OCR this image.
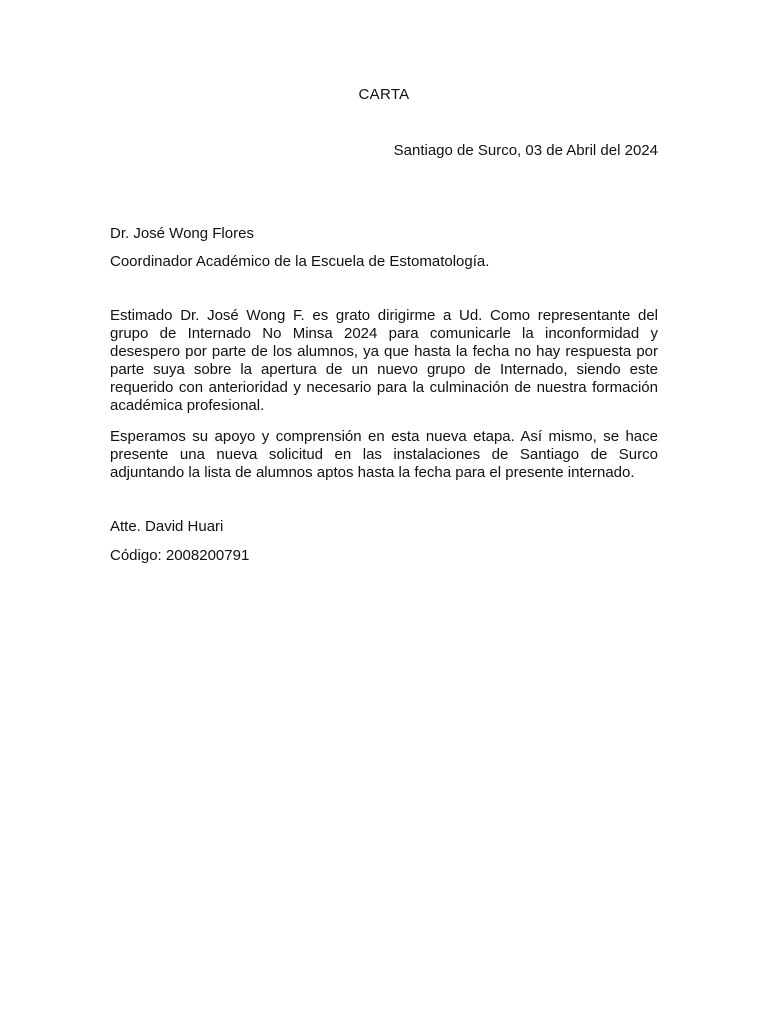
CARTA
Santiago de Surco, 03 de Abril del 2024
Dr. José Wong Flores
Coordinador Académico de la Escuela de Estomatología.
Estimado Dr. José Wong F. es grato dirigirme a Ud. Como representante del grupo de Internado No Minsa 2024 para comunicarle la inconformidad y desespero por parte de los alumnos, ya que hasta la fecha no hay respuesta por parte suya sobre la apertura de un nuevo grupo de Internado, siendo este requerido con anterioridad y necesario para la culminación de nuestra formación académica profesional.
Esperamos su apoyo y comprensión en esta nueva etapa. Así mismo, se hace presente una nueva solicitud en las instalaciones de Santiago de Surco adjuntando la lista de alumnos aptos hasta la fecha para el presente internado.
Atte. David Huari
Código: 2008200791
